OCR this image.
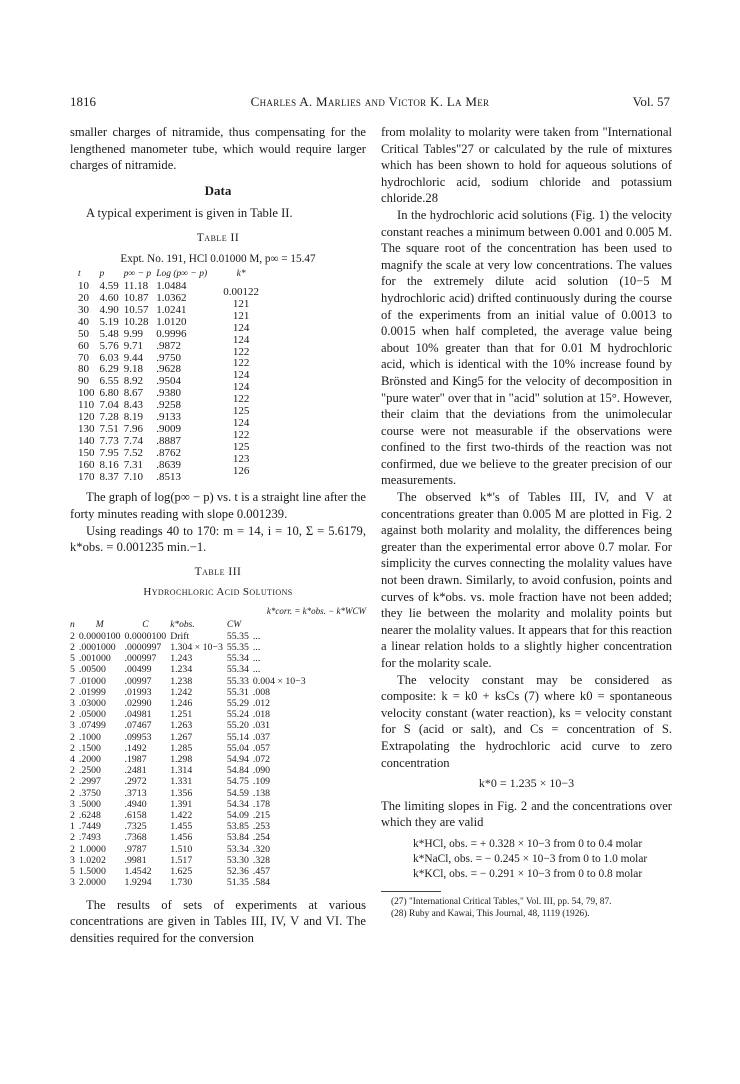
1816	Charles A. Marlies and Victor K. La Mer	Vol. 57

smaller charges of nitramide, thus compensating for the lengthened manometer tube, which would require larger charges of nitramide.

Data

A typical experiment is given in Table II.

Table II
Expt. No. 191, HCl 0.01000 M, p∞ = 15.47
t	p	p∞ − p	Log (p∞ − p)	k*
10	4.59	11.18	1.0484	
20	4.60	10.87	1.0362	0.00122
30	4.90	10.57	1.0241	121
40	5.19	10.28	1.0120	121
50	5.48	9.99	0.9996	124
60	5.76	9.71	.9872	124
70	6.03	9.44	.9750	122
80	6.29	9.18	.9628	122
90	6.55	8.92	.9504	124
100	6.80	8.67	.9380	124
110	7.04	8.43	.9258	122
120	7.28	8.19	.9133	125
130	7.51	7.96	.9009	124
140	7.73	7.74	.8887	122
150	7.95	7.52	.8762	125
160	8.16	7.31	.8639	123
170	8.37	7.10	.8513	126

The graph of log(p∞ − p) vs. t is a straight line after the forty minutes reading with slope 0.001239.

Using readings 40 to 170: m = 14, i = 10, Σ = 5.6179, k*obs. = 0.001235 min.−1.

Table III
Hydrochloric Acid Solutions
k*corr. = k*obs. − k*WCW
n	M	C	k*obs.	CW	
2	0.0000100	0.0000100	Drift	55.35	...
2	.0001000	.0000997	1.304 × 10−3	55.35	...
5	.001000	.000997	1.243	55.34	...
5	.00500	.00499	1.234	55.34	...
7	.01000	.00997	1.238	55.33	0.004 × 10−3
2	.01999	.01993	1.242	55.31	.008
3	.03000	.02990	1.246	55.29	.012
2	.05000	.04981	1.251	55.24	.018
3	.07499	.07467	1.263	55.20	.031
2	.1000	.09953	1.267	55.14	.037
2	.1500	.1492	1.285	55.04	.057
4	.2000	.1987	1.298	54.94	.072
2	.2500	.2481	1.314	54.84	.090
2	.2997	.2972	1.331	54.75	.109
2	.3750	.3713	1.356	54.59	.138
3	.5000	.4940	1.391	54.34	.178
2	.6248	.6158	1.422	54.09	.215
1	.7449	.7325	1.455	53.85	.253
2	.7493	.7368	1.456	53.84	.254
2	1.0000	.9787	1.510	53.34	.320
3	1.0202	.9981	1.517	53.30	.328
5	1.5000	1.4542	1.625	52.36	.457
3	2.0000	1.9294	1.730	51.35	.584

The results of sets of experiments at various concentrations are given in Tables III, IV, V and VI. The densities required for the conversion

from molality to molarity were taken from "International Critical Tables"27 or calculated by the rule of mixtures which has been shown to hold for aqueous solutions of hydrochloric acid, sodium chloride and potassium chloride.28

In the hydrochloric acid solutions (Fig. 1) the velocity constant reaches a minimum between 0.001 and 0.005 M. The square root of the concentration has been used to magnify the scale at very low concentrations. The values for the extremely dilute acid solution (10−5 M hydrochloric acid) drifted continuously during the course of the experiments from an initial value of 0.0013 to 0.0015 when half completed, the average value being about 10% greater than that for 0.01 M hydrochloric acid, which is identical with the 10% increase found by Brönsted and King5 for the velocity of decomposition in "pure water" over that in "acid" solution at 15°. However, their claim that the deviations from the unimolecular course were not measurable if the observations were confined to the first two-thirds of the reaction was not confirmed, due we believe to the greater precision of our measurements.

The observed k*'s of Tables III, IV, and V at concentrations greater than 0.005 M are plotted in Fig. 2 against both molarity and molality, the differences being greater than the experimental error above 0.7 molar. For simplicity the curves connecting the molality values have not been drawn. Similarly, to avoid confusion, points and curves of k*obs. vs. mole fraction have not been added; they lie between the molarity and molality points but nearer the molality values. It appears that for this reaction a linear relation holds to a slightly higher concentration for the molarity scale.

The velocity constant may be considered as composite: k = k0 + ksCs (7) where k0 = spontaneous velocity constant (water reaction), ks = velocity constant for S (acid or salt), and Cs = concentration of S. Extrapolating the hydrochloric acid curve to zero concentration

k*0 = 1.235 × 10−3

The limiting slopes in Fig. 2 and the concentrations over which they are valid

k*HCl, obs. = + 0.328 × 10−3 from 0 to 0.4 molar
k*NaCl, obs. = − 0.245 × 10−3 from 0 to 1.0 molar
k*KCl, obs. = − 0.291 × 10−3 from 0 to 0.8 molar
(27) "International Critical Tables," Vol. III, pp. 54, 79, 87.
(28) Ruby and Kawai, This Journal, 48, 1119 (1926).
